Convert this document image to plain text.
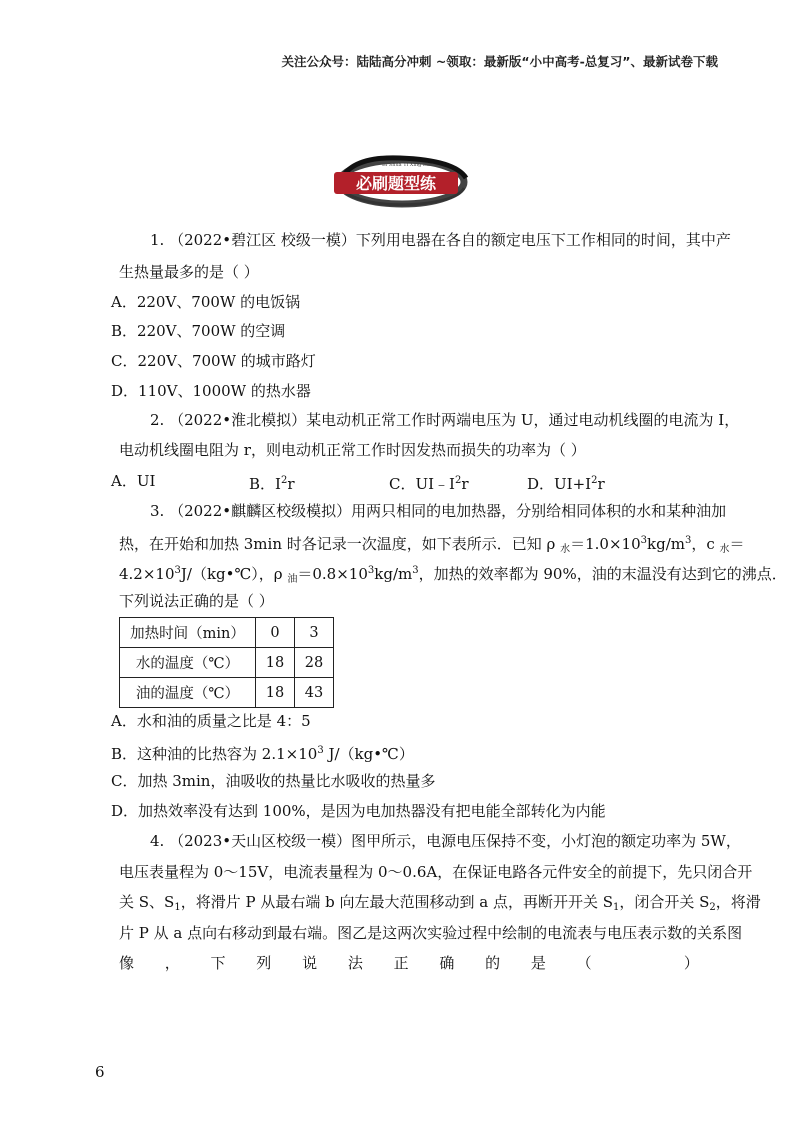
关注公众号：陆陆高分冲刺 ~领取：最新版“小中高考-总复习”、最新试卷下载
必刷题型练
Bi Shua Ti Xing Lian
1. （2022•碧江区 校级一模）下列用电器在各自的额定电压下工作相同的时间，其中产
生热量最多的是（ ）
A．220V、700W 的电饭锅
B．220V、700W 的空调
C．220V、700W 的城市路灯
D．110V、1000W 的热水器
2. （2022•淮北模拟）某电动机正常工作时两端电压为 U，通过电动机线圈的电流为 I，
电动机线圈电阻为 r，则电动机正常工作时因发热而损失的功率为（ ）
A．UI	B．$I^2r$	C．$UI﹣I^2r$	D．$UI+I^2r$
3. （2022•麒麟区校级模拟）用两只相同的电加热器，分别给相同体积的水和某种油加
热，在开始和加热 3min 时各记录一次温度，如下表所示．已知 ρ $_水=1.0\times 10^3kg/m^3$，c $_水$＝
$4.2\times 10^3J/(kg•℃)$，ρ $_油=0.8\times 10^3kg/m^3$，加热的效率都为 90%，油的末温没有达到它的沸点．
下列说法正确的是（ ）
加热时间（min）	0	3
水的温度（℃）	18	28
油的温度（℃）	18	43
A．水和油的质量之比是 4：5
B．这种油的比热容为 $2.1\times 10^3$ J/（kg•℃）
C．加热 3min，油吸收的热量比水吸收的热量多
D．加热效率没有达到 100%，是因为电加热器没有把电能全部转化为内能
4. （2023•天山区校级一模）图甲所示，电源电压保持不变，小灯泡的额定功率为 5W，
电压表量程为 0～15V，电流表量程为 0～0.6A，在保证电路各元件安全的前提下，先只闭合开
关 S、$S_1$，将滑片 P 从最右端 b 向左最大范围移动到 a 点，再断开开关 $S_1$，闭合开关 $S_2$，将滑
片 P 从 a 点向右移动到最右端。图乙是这两次实验过程中绘制的电流表与电压表示数的关系图
像 ， 下 列 说 法 正 确 的 是 （	）
6
